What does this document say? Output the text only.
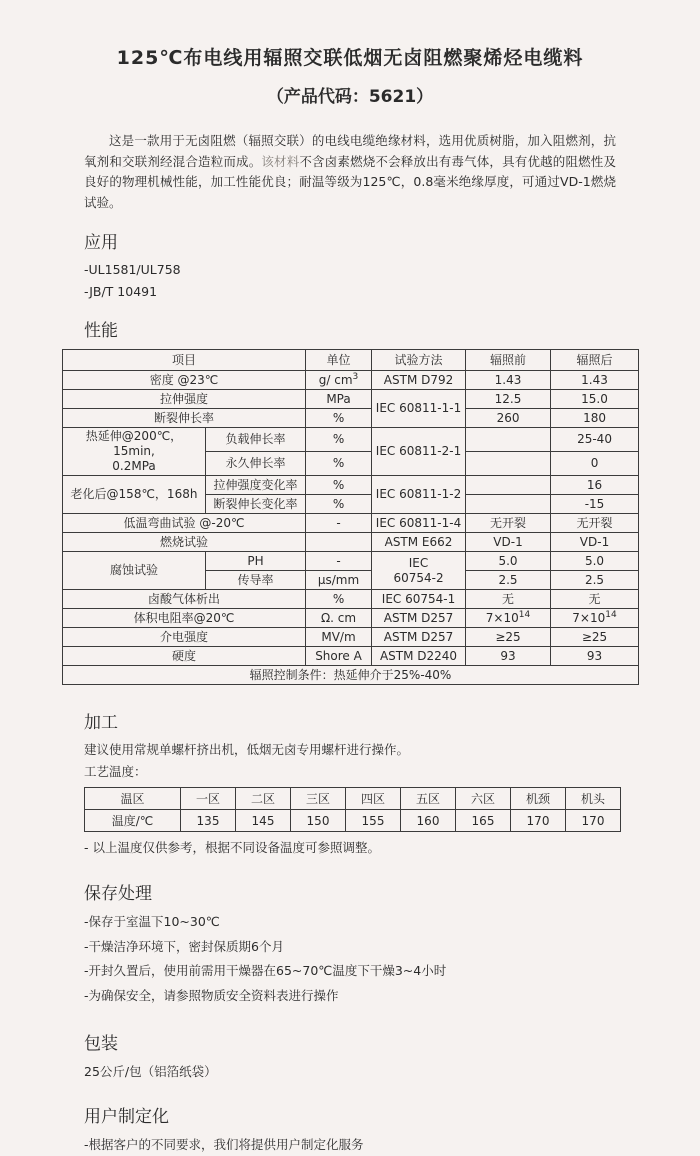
125℃布电线用辐照交联低烟无卤阻燃聚烯烃电缆料
（产品代码：5621）

这是一款用于无卤阻燃（辐照交联）的电线电缆绝缘材料，选用优质树脂，加入阻燃剂，抗氧剂和交联剂经混合造粒而成。该材料不含卤素燃烧不会释放出有毒气体，具有优越的阻燃性及良好的物理机械性能，加工性能优良；耐温等级为125℃，0.8毫米绝缘厚度，可通过VD-1燃烧试验。

应用
-UL1581/UL758
-JB/T 10491
性能
项目		单位	试验方法	辐照前	辐照后
密度 @23℃		g/ $cm^3$	ASTM D792	1.43	1.43
拉伸强度		MPa	IEC 60811-1-1	12.5	15.0
断裂伸长率		%		260	180
热延伸@200℃，15min,
0.2MPa	负载伸长率	%	IEC 60811-2-1		25-40
	永久伸长率	%			0
老化后@158℃，168h	拉伸强度变化率	%	IEC 60811-1-2		16
	断裂伸长变化率	%			-15
低温弯曲试验 @-20℃		-	IEC 60811-1-4	无开裂	无开裂
燃烧试验			ASTM E662	VD-1	VD-1
腐蚀试验	PH	-	IEC 60754-2	5.0	5.0
	传导率	μs/mm		2.5	2.5
卤酸气体析出		%	IEC 60754-1	无	无
体积电阻率@20℃		Ω. cm	ASTM D257	$7\times 10^{14}$	$7\times 10^{14}$
介电强度		MV/m	ASTM D257	≥25	≥25
硬度		Shore A	ASTM D2240	93	93
辐照控制条件：热延伸介于25%-40%					
加工
建议使用常规单螺杆挤出机，低烟无卤专用螺杆进行操作。
工艺温度：
温区	一区	二区	三区	四区	五区	六区	机颈	机头
温度/℃	135	145	150	155	160	165	170	170
- 以上温度仅供参考，根据不同设备温度可参照调整。
保存处理
-保存于室温下10~30℃
-干燥洁净环境下，密封保质期6个月
-开封久置后，使用前需用干燥器在65~70℃温度下干燥3~4小时
-为确保安全，请参照物质安全资料表进行操作
包装
25公斤/包（铝箔纸袋）
用户制定化
-根据客户的不同要求，我们将提供用户制定化服务
